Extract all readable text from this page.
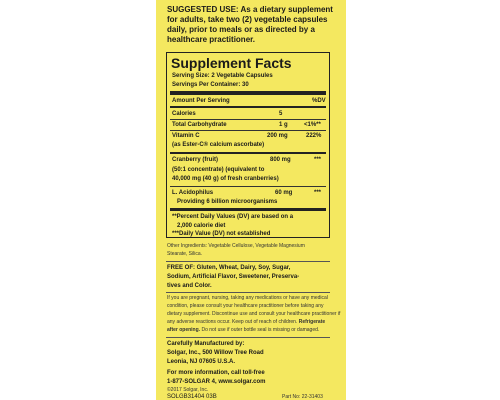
SUGGESTED USE: As a dietary supplement
for adults, take two (2) vegetable capsules
daily, prior to meals or as directed by a
healthcare practitioner.
Supplement Facts
Serving Size: 2 Vegetable Capsules
Servings Per Container: 30
Amount Per Serving	%DV
Calories	5
Total Carbohydrate	1 g	<1%**
Vitamin C	200 mg	222%
(as Ester-C® calcium ascorbate)
Cranberry (fruit)	800 mg	***
(50:1 concentrate) (equivalent to
40,000 mg (40 g) of fresh cranberries)
L. Acidophilus	60 mg	***
Providing 6 billion microorganisms
**Percent Daily Values (DV) are based on a
2,000 calorie diet
***Daily Value (DV) not established
Other Ingredients: Vegetable Cellulose, Vegetable Magnesium
Stearate, Silica.
FREE OF: Gluten, Wheat, Dairy, Soy, Sugar,
Sodium, Artificial Flavor, Sweetener, Preserva-
tives and Color.
If you are pregnant, nursing, taking any medications or have any medical
condition, please consult your healthcare practitioner before taking any
dietary supplement. Discontinue use and consult your healthcare practitioner if
any adverse reactions occur. Keep out of reach of children. Refrigerate
after opening. Do not use if outer bottle seal is missing or damaged.
Carefully Manufactured by:
Solgar, Inc., 500 Willow Tree Road
Leonia, NJ 07605 U.S.A.
For more information, call toll-free
1-877-SOLGAR 4, www.solgar.com
©2017 Solgar, Inc.
SOLGB31404 03B	Part No: 22-31403
